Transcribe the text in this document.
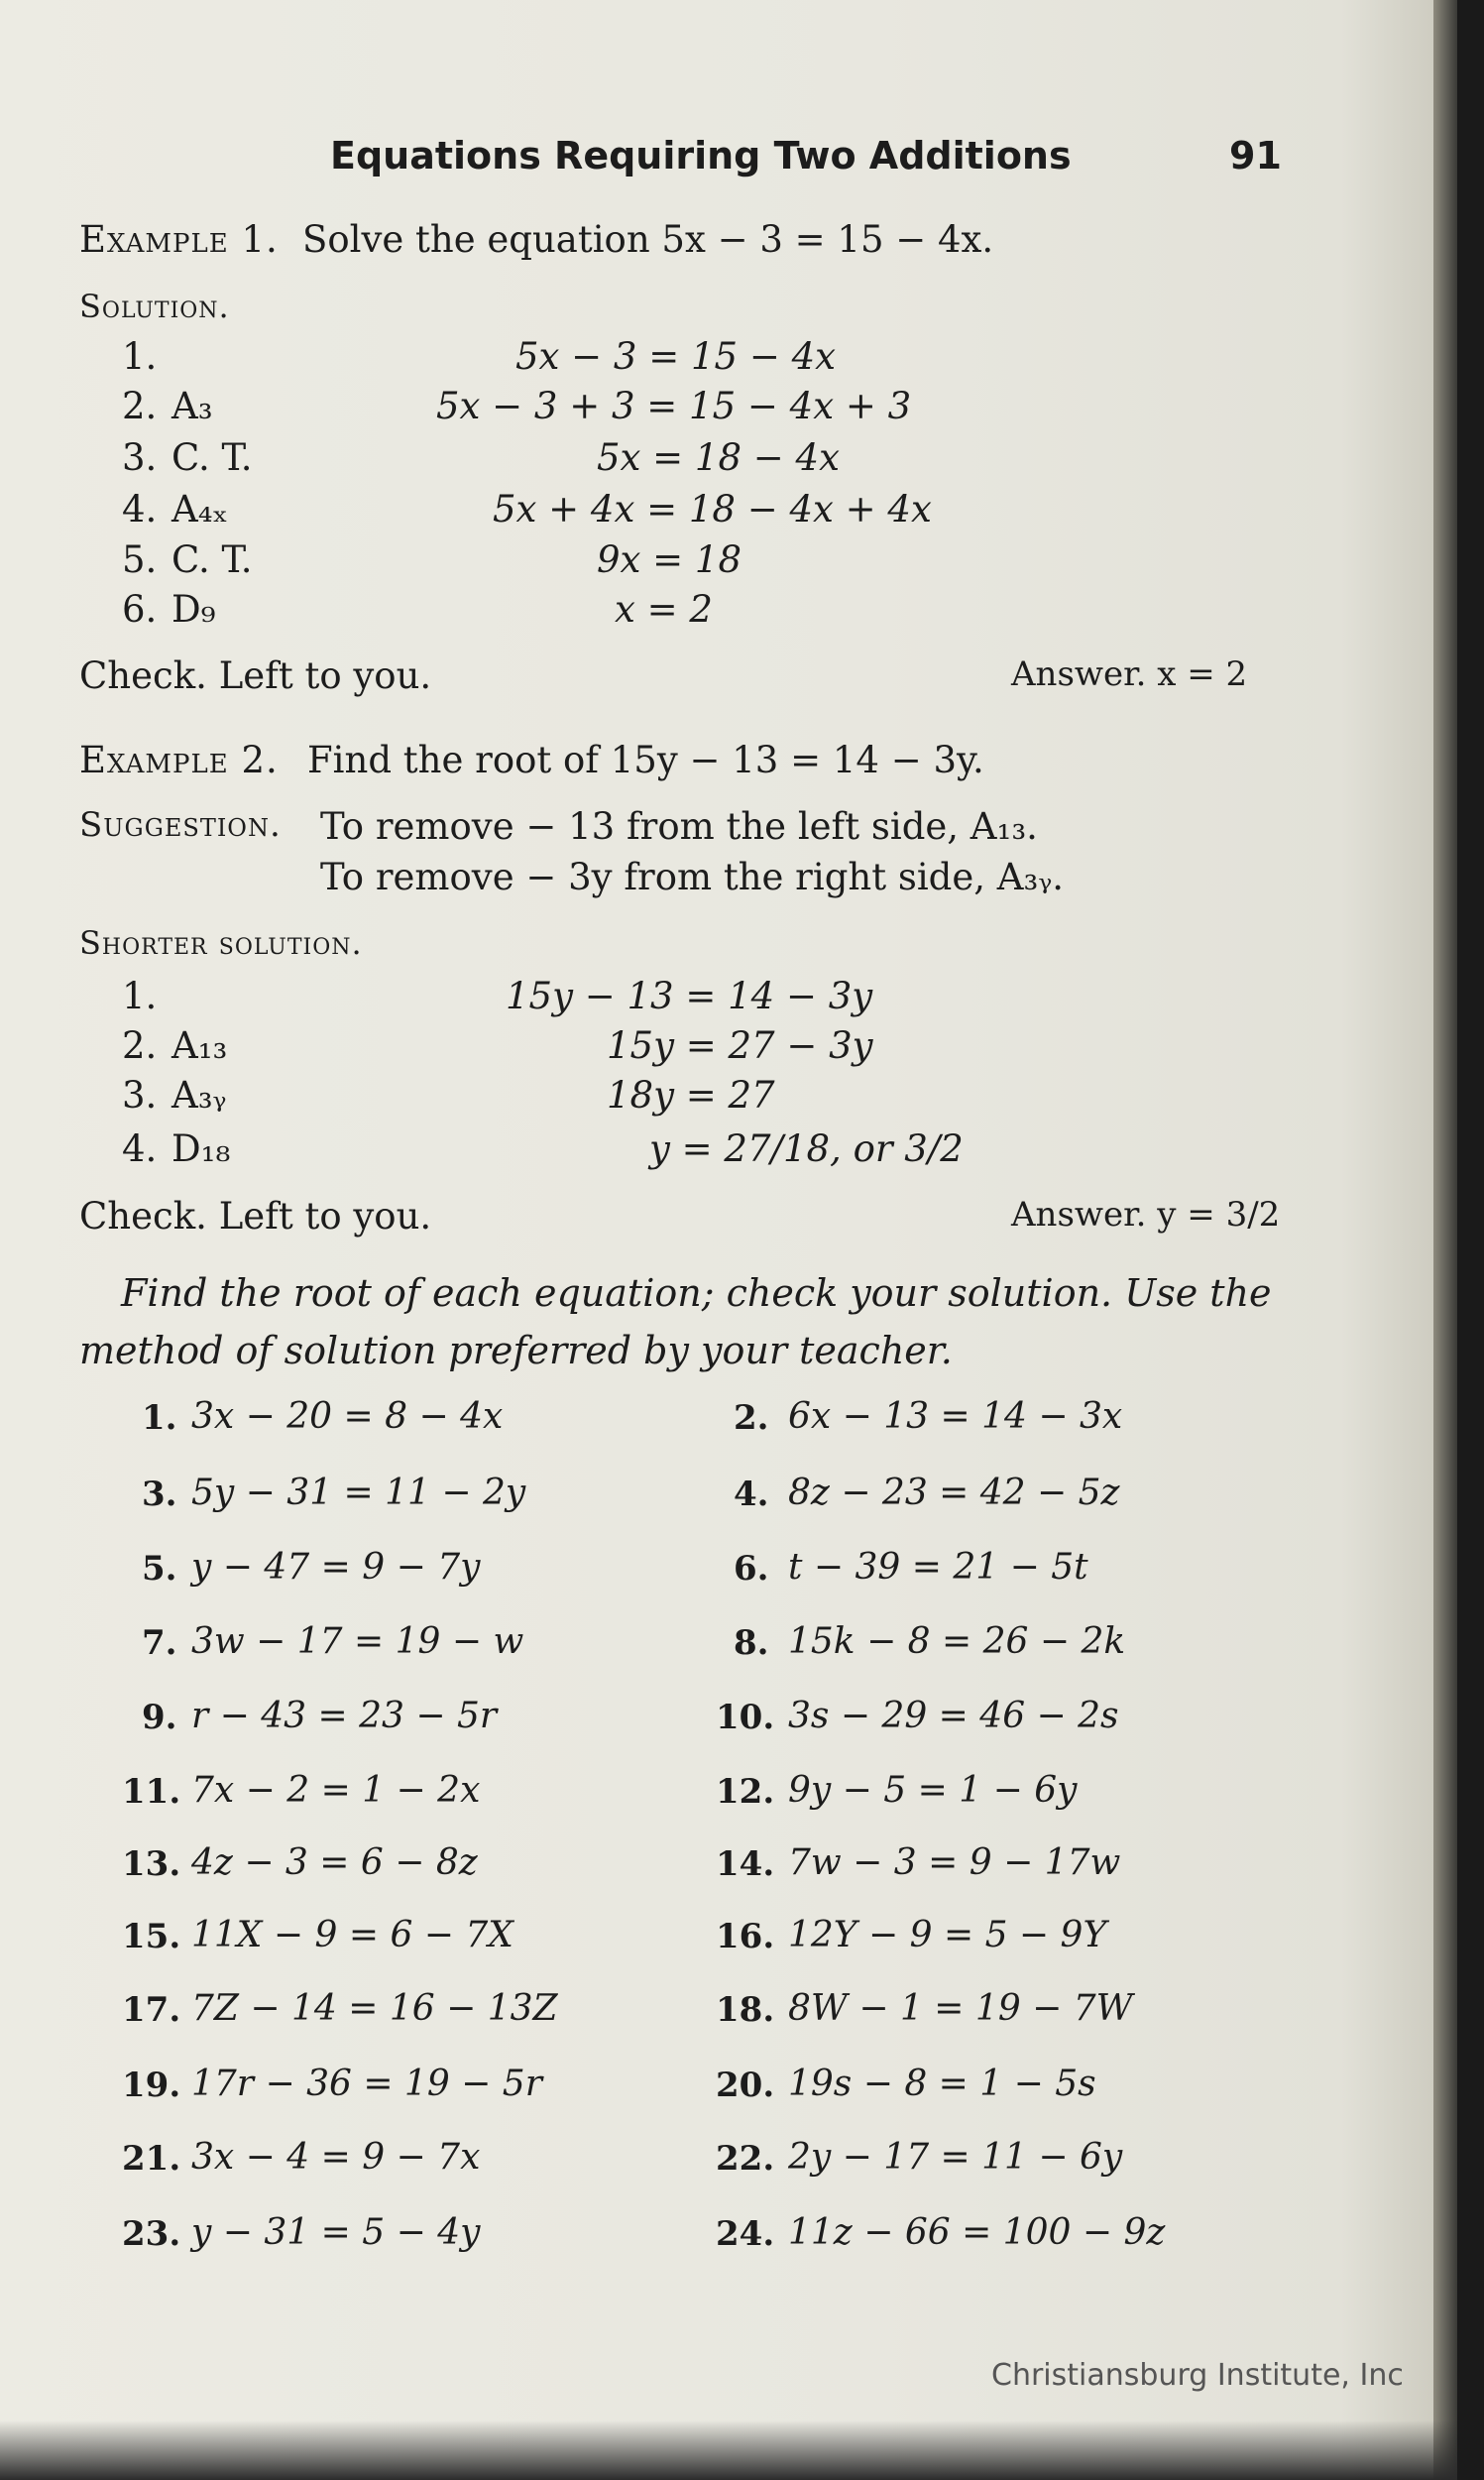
Equations Requiring Two Additions	91
Example 1. Solve the equation 5x − 3 = 15 − 4x.
Solution.
1.	5x − 3 = 15 − 4x
2. A₃	5x − 3 + 3 = 15 − 4x + 3
3. C. T.	5x = 18 − 4x
4. A₄ₓ	5x + 4x = 18 − 4x + 4x
5. C. T.	9x = 18
6. D₉	x = 2
Check. Left to you.	Answer. x = 2
Example 2. Find the root of 15y − 13 = 14 − 3y.
Suggestion. To remove − 13 from the left side, A₁₃.
To remove − 3y from the right side, A₃ᵧ.
Shorter solution.
1.	15y − 13 = 14 − 3y
2. A₁₃	15y = 27 − 3y
3. A₃ᵧ	18y = 27
4. D₁₈	y = 27/18, or 3/2
Check. Left to you.	Answer. y = 3/2
Find the root of each equation; check your solution. Use the
method of solution preferred by your teacher.
1. 3x − 20 = 8 − 4x	2. 6x − 13 = 14 − 3x
3. 5y − 31 = 11 − 2y	4. 8z − 23 = 42 − 5z
5. y − 47 = 9 − 7y	6. t − 39 = 21 − 5t
7. 3w − 17 = 19 − w	8. 15k − 8 = 26 − 2k
9. r − 43 = 23 − 5r	10. 3s − 29 = 46 − 2s
11. 7x − 2 = 1 − 2x	12. 9y − 5 = 1 − 6y
13. 4z − 3 = 6 − 8z	14. 7w − 3 = 9 − 17w
15. 11X − 9 = 6 − 7X	16. 12Y − 9 = 5 − 9Y
17. 7Z − 14 = 16 − 13Z	18. 8W − 1 = 19 − 7W
19. 17r − 36 = 19 − 5r	20. 19s − 8 = 1 − 5s
21. 3x − 4 = 9 − 7x	22. 2y − 17 = 11 − 6y
23. y − 31 = 5 − 4y	24. 11z − 66 = 100 − 9z
Christiansburg Institute, Inc
